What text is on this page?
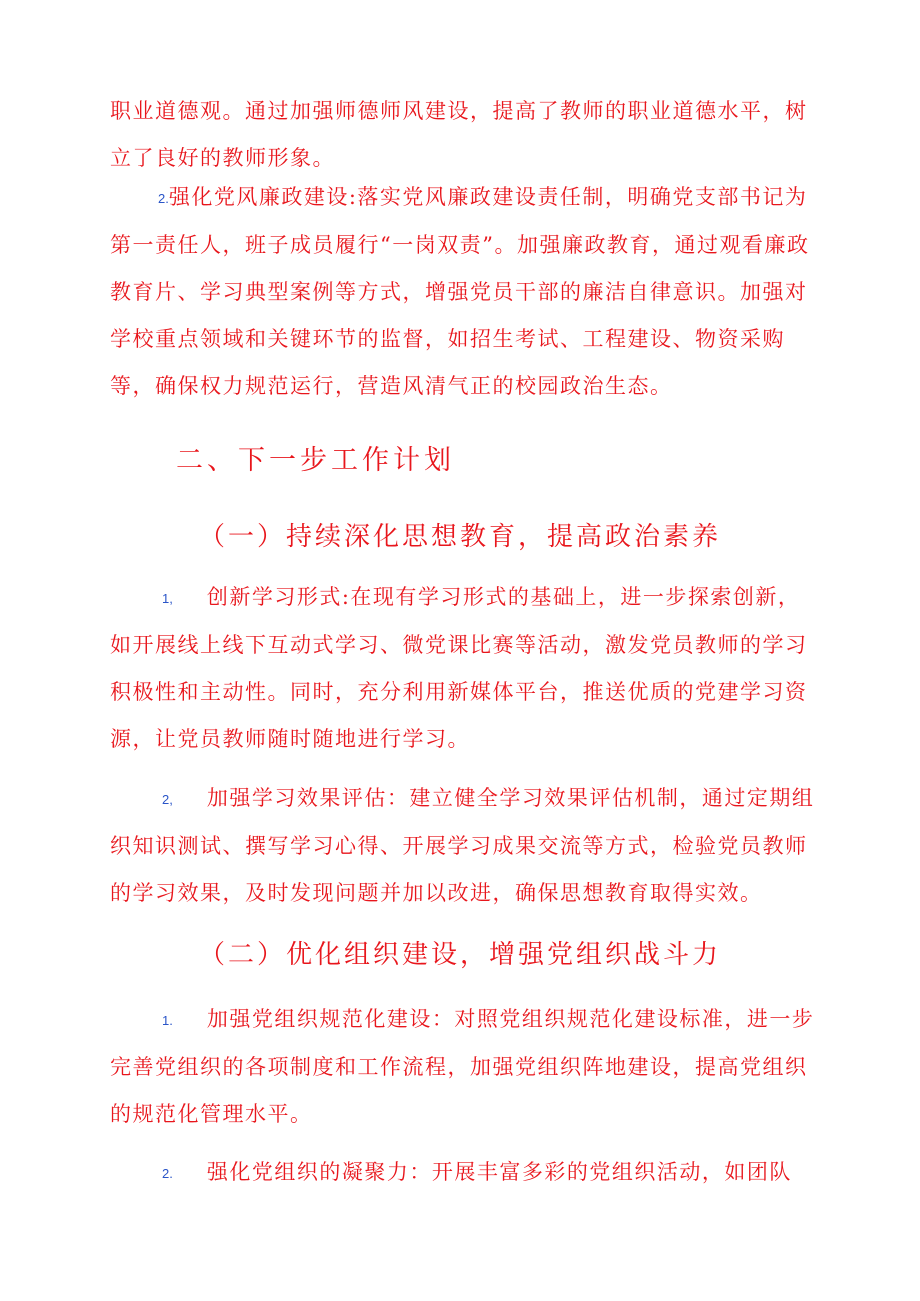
职业道德观。通过加强师德师风建设，提高了教师的职业道德水平，树立了良好的教师形象。

2.强化党风廉政建设:落实党风廉政建设责任制，明确党支部书记为第一责任人，班子成员履行“一岗双责”。加强廉政教育，通过观看廉政教育片、学习典型案例等方式，增强党员干部的廉洁自律意识。加强对学校重点领域和关键环节的监督，如招生考试、工程建设、物资采购等，确保权力规范运行，营造风清气正的校园政治生态。

二、下一步工作计划
（一）持续深化思想教育，提高政治素养

1, 创新学习形式:在现有学习形式的基础上，进一步探索创新，如开展线上线下互动式学习、微党课比赛等活动，激发党员教师的学习积极性和主动性。同时，充分利用新媒体平台，推送优质的党建学习资源，让党员教师随时随地进行学习。

2, 加强学习效果评估：建立健全学习效果评估机制，通过定期组织知识测试、撰写学习心得、开展学习成果交流等方式，检验党员教师的学习效果，及时发现问题并加以改进，确保思想教育取得实效。

（二）优化组织建设，增强党组织战斗力

1. 加强党组织规范化建设：对照党组织规范化建设标准，进一步完善党组织的各项制度和工作流程，加强党组织阵地建设，提高党组织的规范化管理水平。

2. 强化党组织的凝聚力：开展丰富多彩的党组织活动，如团队
